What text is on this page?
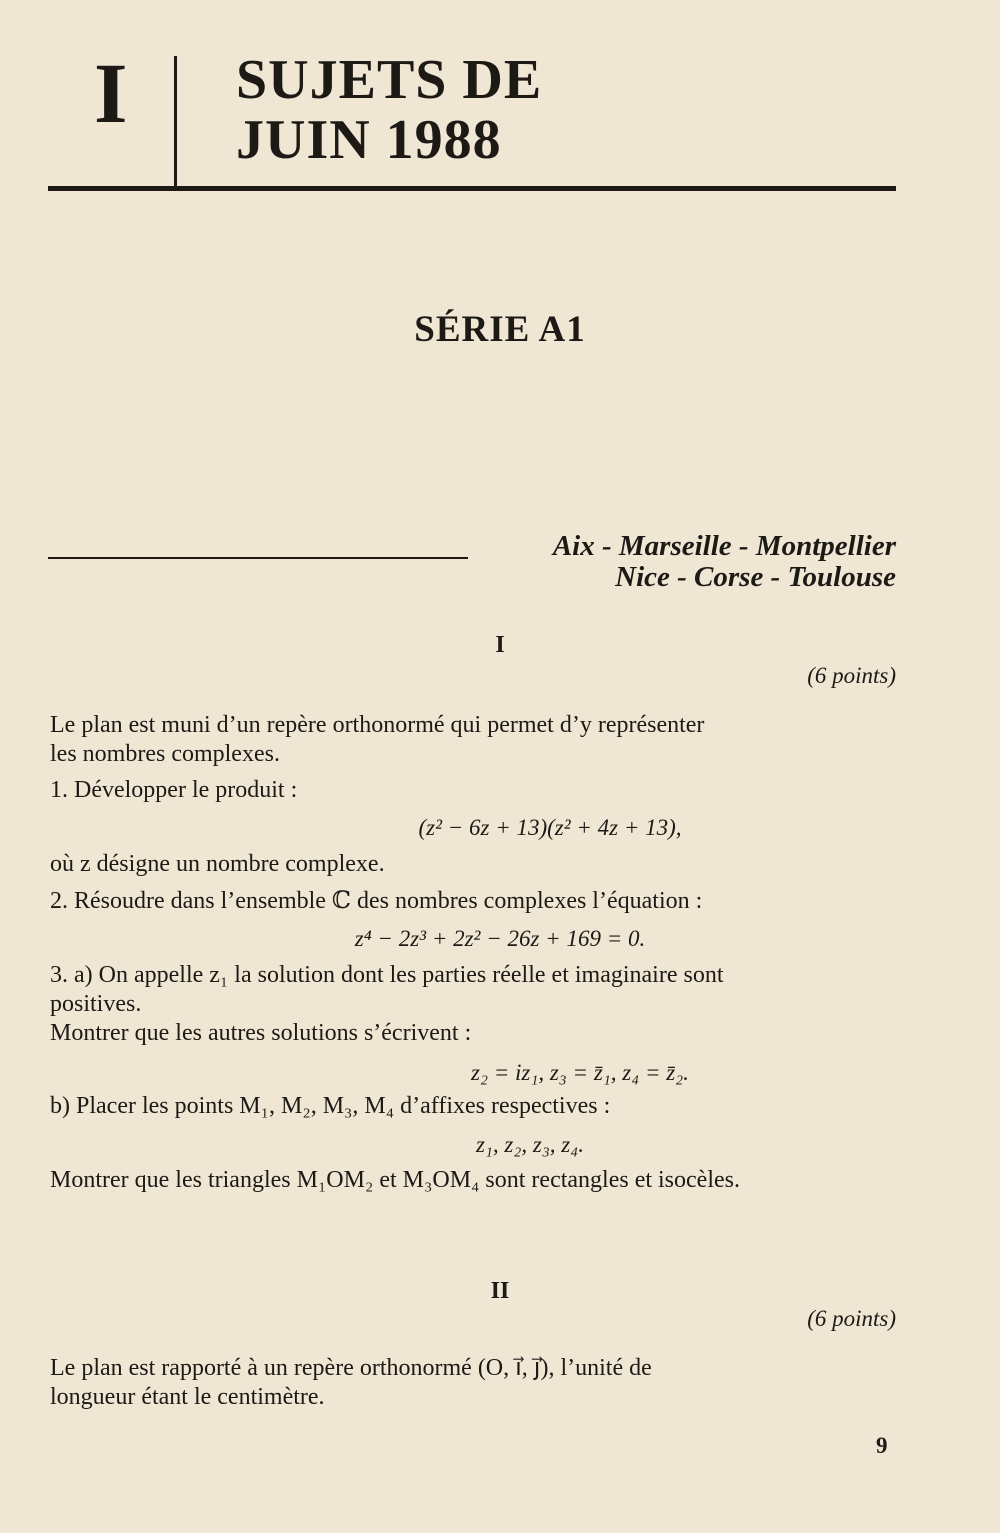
I SUJETS DE
JUIN 1988
SÉRIE A1
Aix - Marseille - Montpellier
Nice - Corse - Toulouse
I
(6 points)
Le plan est muni d’un repère orthonormé qui permet d’y représenter
les nombres complexes.
1. Développer le produit :
(z² − 6z + 13)(z² + 4z + 13),
où z désigne un nombre complexe.
2. Résoudre dans l’ensemble ℂ des nombres complexes l’équation :
z⁴ − 2z³ + 2z² − 26z + 169 = 0.
3. a) On appelle z₁ la solution dont les parties réelle et imaginaire sont
positives.
Montrer que les autres solutions s’écrivent :
z₂ = iz₁, z₃ = z̄₁, z₄ = z̄₂.
b) Placer les points M₁, M₂, M₃, M₄ d’affixes respectives :
z₁, z₂, z₃, z₄.
Montrer que les triangles M₁OM₂ et M₃OM₄ sont rectangles et isocèles.
II
(6 points)
Le plan est rapporté à un repère orthonormé (O, i⃗, j⃗), l’unité de
longueur étant le centimètre.
9
